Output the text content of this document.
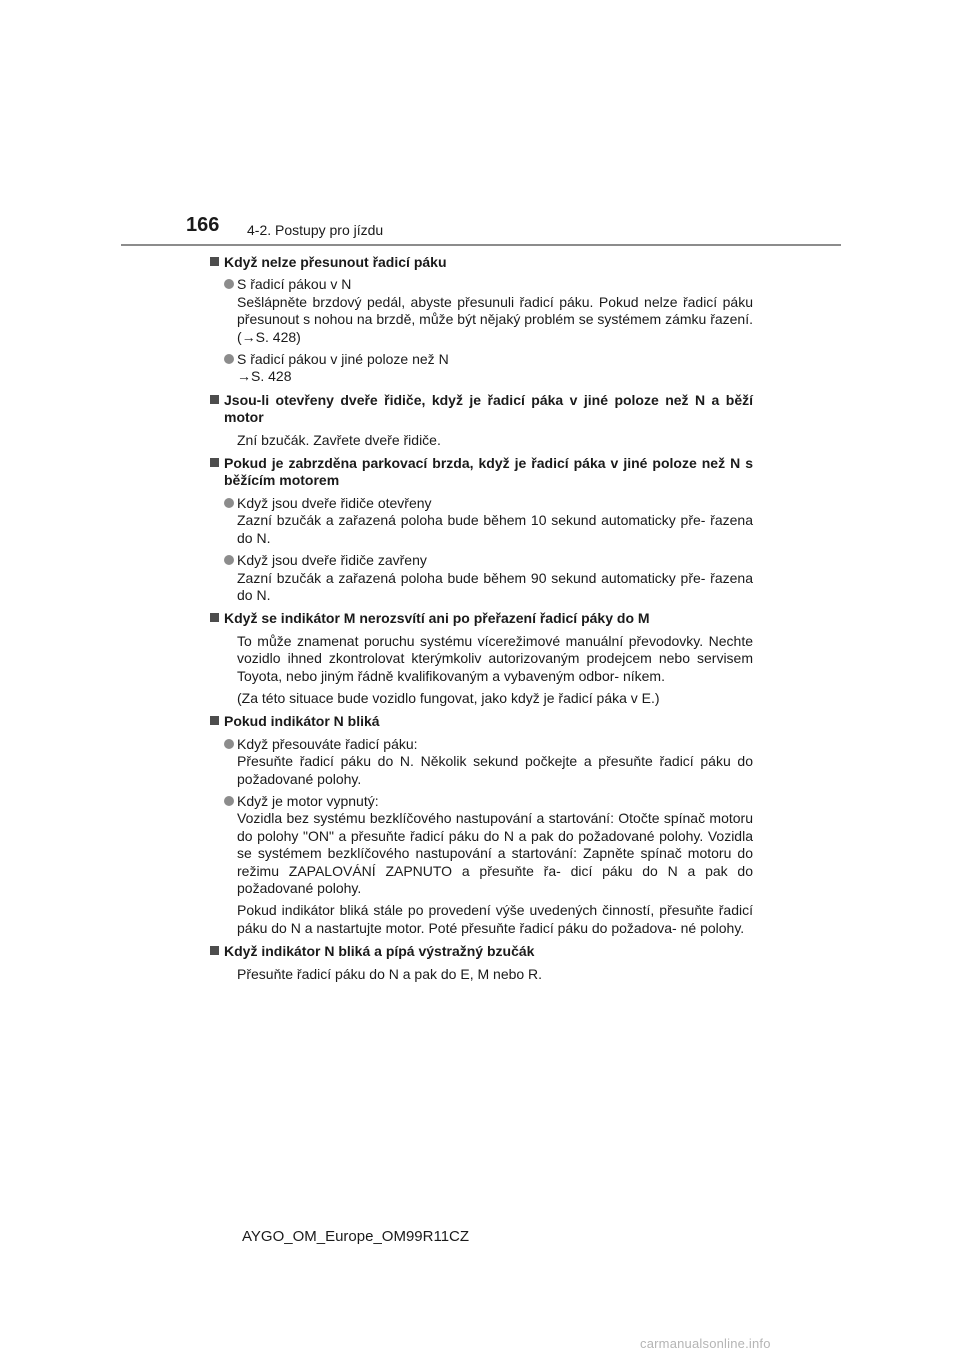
166 4-2. Postupy pro jízdu
Když nelze přesunout řadicí páku
S řadicí pákou v N
Sešlápněte brzdový pedál, abyste přesunuli řadicí páku. Pokud nelze řadicí páku přesunout s nohou na brzdě, může být nějaký problém se systémem zámku řazení. (→S. 428)
S řadicí pákou v jiné poloze než N
→S. 428
Jsou-li otevřeny dveře řidiče, když je řadicí páka v jiné poloze než N a běží motor
Zní bzučák. Zavřete dveře řidiče.
Pokud je zabrzděna parkovací brzda, když je řadicí páka v jiné poloze než N s běžícím motorem
Když jsou dveře řidiče otevřeny
Zazní bzučák a zařazená poloha bude během 10 sekund automaticky pře- řazena do N.
Když jsou dveře řidiče zavřeny
Zazní bzučák a zařazená poloha bude během 90 sekund automaticky pře- řazena do N.
Když se indikátor M nerozsvítí ani po přeřazení řadicí páky do M
To může znamenat poruchu systému vícerežimové manuální převodovky. Nechte vozidlo ihned zkontrolovat kterýmkoliv autorizovaným prodejcem nebo servisem Toyota, nebo jiným řádně kvalifikovaným a vybaveným odbor- níkem.
(Za této situace bude vozidlo fungovat, jako když je řadicí páka v E.)
Pokud indikátor N bliká
Když přesouváte řadicí páku:
Přesuňte řadicí páku do N. Několik sekund počkejte a přesuňte řadicí páku do požadované polohy.
Když je motor vypnutý:
Vozidla bez systému bezklíčového nastupování a startování: Otočte spínač motoru do polohy "ON" a přesuňte řadicí páku do N a pak do požadované polohy. Vozidla se systémem bezklíčového nastupování a startování: Zapněte spínač motoru do režimu ZAPALOVÁNÍ ZAPNUTO a přesuňte řa- dicí páku do N a pak do požadované polohy.
Pokud indikátor bliká stále po provedení výše uvedených činností, přesuňte řadicí páku do N a nastartujte motor. Poté přesuňte řadicí páku do požadova- né polohy.
Když indikátor N bliká a pípá výstražný bzučák
Přesuňte řadicí páku do N a pak do E, M nebo R.
AYGO_OM_Europe_OM99R11CZ
carmanualsonline.info
